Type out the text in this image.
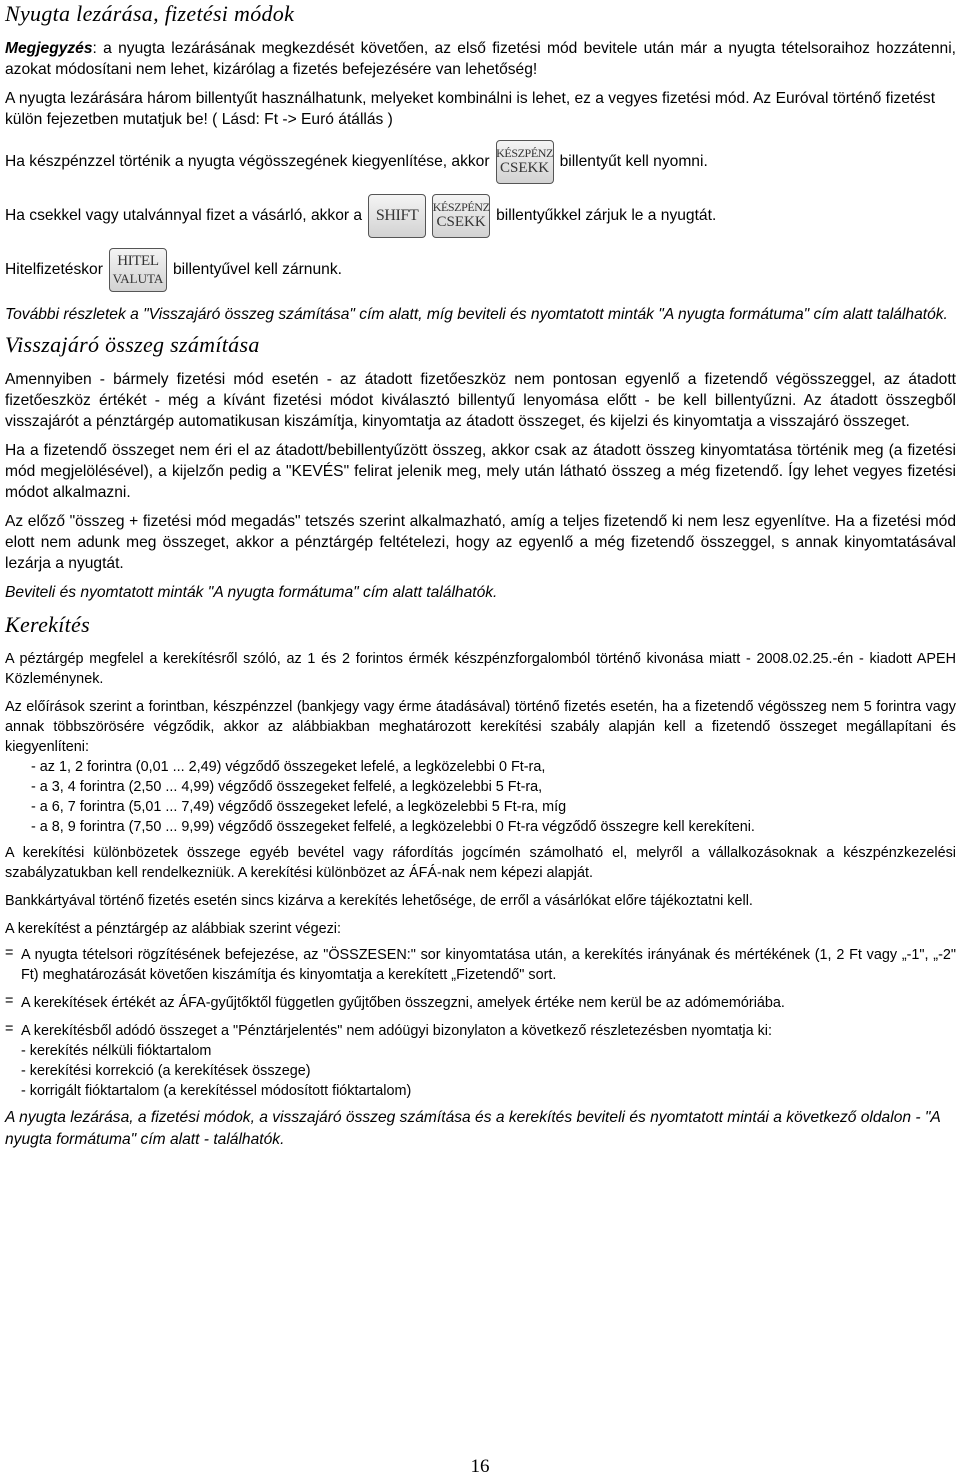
Nyugta lezárása, fizetési módok

Megjegyzés: a nyugta lezárásának megkezdését követően, az első fizetési mód bevitele után már a nyugta tételsoraihoz hozzátenni, azokat módosítani nem lehet, kizárólag a fizetés befejezésére van lehetőség!

A nyugta lezárására három billentyűt használhatunk, melyeket kombinálni is lehet, ez a vegyes fizetési mód. Az Euróval történő fizetést külön fejezetben mutatjuk be! ( Lásd: Ft -> Euró átállás )

Ha készpénzzel történik a nyugta végösszegének kiegyenlítése, akkor KÉSZPÉNZ
CSEKK billentyűt kell nyomni.
Ha csekkel vagy utalvánnyal fizet a vásárló, akkor a SHIFT KÉSZPÉNZ
CSEKK billentyűkkel zárjuk le a nyugtát.
Hitelfizetéskor HITEL
VALUTA
billentyűvel kell zárnunk.

További részletek a "Visszajáró összeg számítása" cím alatt, míg beviteli és nyomtatott minták "A nyugta formátuma" cím alatt találhatók.

Visszajáró összeg számítása

Amennyiben - bármely fizetési mód esetén - az átadott fizetőeszköz nem pontosan egyenlő a fizetendő végösszeggel, az átadott fizetőeszköz értékét - még a kívánt fizetési módot kiválasztó billentyű lenyomása előtt - be kell billentyűzni. Az átadott összegből visszajárót a pénztárgép automatikusan kiszámítja, kinyomtatja az átadott összeget, és kijelzi és kinyomtatja a visszajáró összeget.

Ha a fizetendő összeget nem éri el az átadott/bebillentyűzött összeg, akkor csak az átadott összeg kinyomtatása történik meg (a fizetési mód megjelölésével), a kijelzőn pedig a "KEVÉS" felirat jelenik meg, mely után látható összeg a még fizetendő. Így lehet vegyes fizetési módot alkalmazni.

Az előző "összeg + fizetési mód megadás" tetszés szerint alkalmazható, amíg a teljes fizetendő ki nem lesz egyenlítve. Ha a fizetési mód elott nem adunk meg összeget, akkor a pénztárgép feltételezi, hogy az egyenlő a még fizetendő összeggel, s annak kinyomtatásával lezárja a nyugtát.

Beviteli és nyomtatott minták "A nyugta formátuma" cím alatt találhatók.

Kerekítés

A péztárgép megfelel a kerekítésről szóló, az 1 és 2 forintos érmék készpénzforgalomból történő kivonása miatt - 2008.02.25.-én - kiadott APEH Közleménynek.

Az előírások szerint a forintban, készpénzzel (bankjegy vagy érme átadásával) történő fizetés esetén, ha a fizetendő végösszeg nem 5 forintra vagy annak többszörösére végződik, akkor az alábbiakban meghatározott kerekítési szabály alapján kell a fizetendő összeget megállapítani és kiegyenlíteni:

- az 1, 2 forintra (0,01 ... 2,49) végződő összegeket lefelé, a legközelebbi 0 Ft-ra,
- a 3, 4 forintra (2,50 ... 4,99) végződő összegeket felfelé, a legközelebbi 5 Ft-ra,
- a 6, 7 forintra (5,01 ... 7,49) végződő összegeket lefelé, a legközelebbi 5 Ft-ra, míg
- a 8, 9 forintra (7,50 ... 9,99) végződő összegeket felfelé, a legközelebbi 0 Ft-ra végződő összegre kell kerekíteni.

A kerekítési különbözetek összege egyéb bevétel vagy ráfordítás jogcímén számolható el, melyről a vállalkozásoknak a készpénzkezelési szabályzatukban kell rendelkezniük. A kerekítési különbözet az ÁFÁ-nak nem képezi alapját.

Bankkártyával történő fizetés esetén sincs kizárva a kerekítés lehetősége, de erről a vásárlókat előre tájékoztatni kell.

A kerekítést a pénztárgép az alábbiak szerint végezi:

= A nyugta tételsori rögzítésének befejezése, az "ÖSSZESEN:" sor kinyomtatása után, a kerekítés irányának és mértékének (1, 2 Ft vagy „-1", „-2" Ft) meghatározását követően kiszámítja és kinyomtatja a kerekített „Fizetendő" sort.

= A kerekítések értékét az ÁFA-gyűjtőktől független gyűjtőben összegzni, amelyek értéke nem kerül be az adómemóriába.

= A kerekítésből adódó összeget a "Pénztárjelentés" nem adóügyi bizonylaton a következő részletezésben nyomtatja ki:

- kerekítés nélküli fióktartalom
- kerekítési korrekció (a kerekítések összege)
- korrigált fióktartalom (a kerekítéssel módosított fióktartalom)

A nyugta lezárása, a fizetési módok, a visszajáró összeg számítása és a kerekítés beviteli és nyomtatott mintái a következő oldalon - "A nyugta formátuma" cím alatt - találhatók.

16
